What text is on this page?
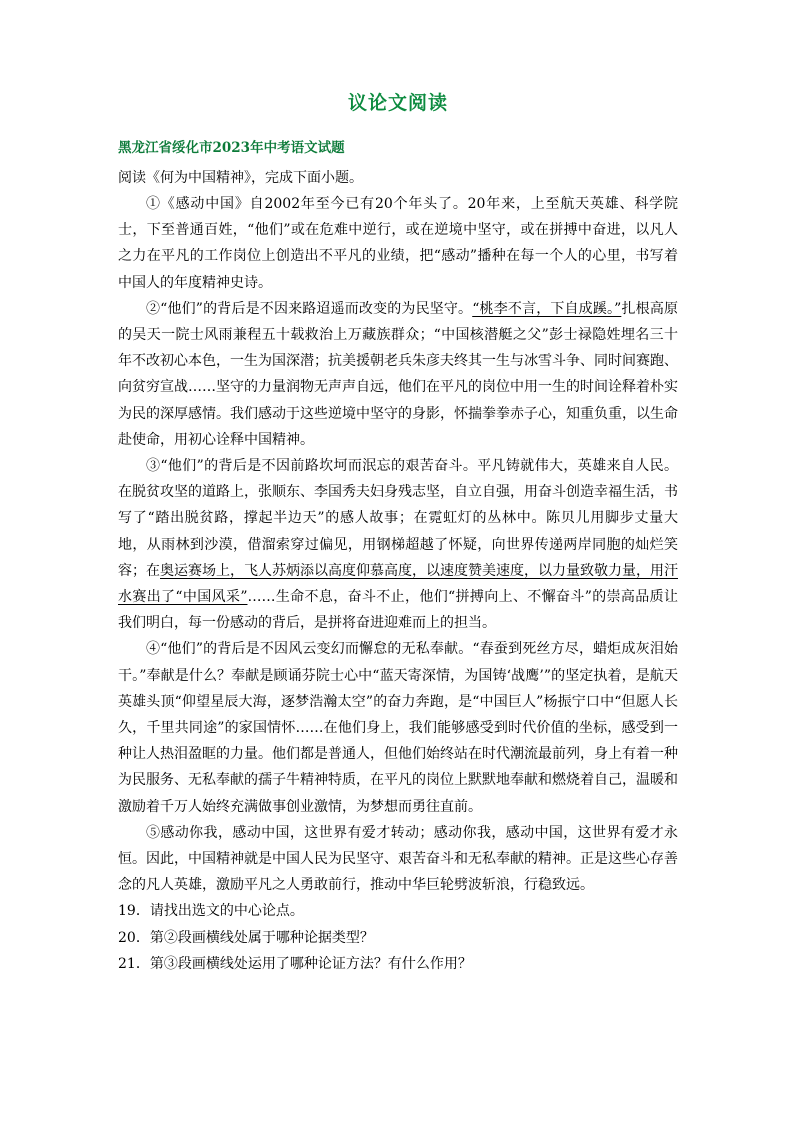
议论文阅读
黑龙江省绥化市2023年中考语文试题

阅读《何为中国精神》，完成下面小题。

①《感动中国》自2002年至今已有20个年头了。20年来，上至航天英雄、科学院士，下至普通百姓，“他们”或在危难中逆行，或在逆境中坚守，或在拼搏中奋进，以凡人之力在平凡的工作岗位上创造出不平凡的业绩，把“感动”播种在每一个人的心里，书写着中国人的年度精神史诗。

②“他们”的背后是不因来路迢遥而改变的为民坚守。“桃李不言，下自成蹊。”扎根高原的吴天一院士风雨兼程五十载救治上万藏族群众；“中国核潜艇之父”彭士禄隐姓埋名三十年不改初心本色，一生为国深潜；抗美援朝老兵朱彦夫终其一生与冰雪斗争、同时间赛跑、向贫穷宣战……坚守的力量润物无声声自远，他们在平凡的岗位中用一生的时间诠释着朴实为民的深厚感情。我们感动于这些逆境中坚守的身影，怀揣拳拳赤子心，知重负重，以生命赴使命，用初心诠释中国精神。

③“他们”的背后是不因前路坎坷而泯忘的艰苦奋斗。平凡铸就伟大，英雄来自人民。在脱贫攻坚的道路上，张顺东、李国秀夫妇身残志坚，自立自强，用奋斗创造幸福生活，书写了“踏出脱贫路，撑起半边天”的感人故事；在霓虹灯的丛林中。陈贝儿用脚步丈量大地，从雨林到沙漠，借溜索穿过偏见，用钢梯超越了怀疑，向世界传递两岸同胞的灿烂笑容；在奥运赛场上，飞人苏炳添以高度仰慕高度，以速度赞美速度，以力量致敬力量，用汗水赛出了“中国风采”……生命不息，奋斗不止，他们“拼搏向上、不懈奋斗”的崇高品质让我们明白，每一份感动的背后，是拼将奋进迎难而上的担当。

④“他们”的背后是不因风云变幻而懈怠的无私奉献。“春蚕到死丝方尽，蜡炬成灰泪始干。”奉献是什么？奉献是顾诵芬院士心中“蓝天寄深情，为国铸‘战鹰’”的坚定执着，是航天英雄头顶“仰望星辰大海，逐梦浩瀚太空”的奋力奔跑，是“中国巨人”杨振宁口中“但愿人长久，千里共同途”的家国情怀……在他们身上，我们能够感受到时代价值的坐标，感受到一种让人热泪盈眶的力量。他们都是普通人，但他们始终站在时代潮流最前列，身上有着一种为民服务、无私奉献的孺子牛精神特质，在平凡的岗位上默默地奉献和燃烧着自己，温暖和激励着千万人始终充满做事创业激情，为梦想而勇往直前。

⑤感动你我，感动中国，这世界有爱才转动；感动你我，感动中国，这世界有爱才永恒。因此，中国精神就是中国人民为民坚守、艰苦奋斗和无私奉献的精神。正是这些心存善念的凡人英雄，激励平凡之人勇敢前行，推动中华巨轮劈波斩浪，行稳致远。

19．请找出选文的中心论点。

20．第②段画横线处属于哪种论据类型？

21．第③段画横线处运用了哪种论证方法？有什么作用？
